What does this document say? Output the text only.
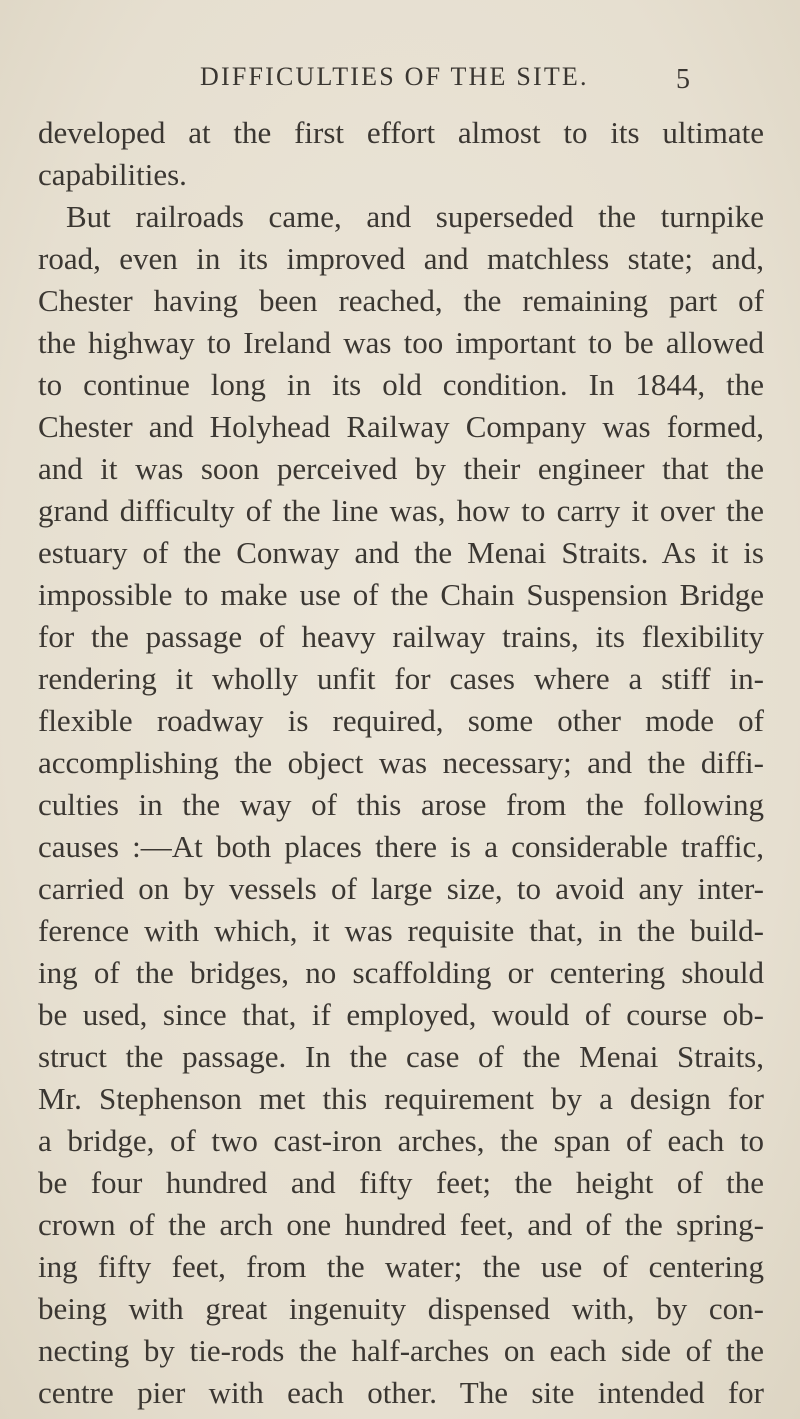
DIFFICULTIES OF THE SITE.	5
developed at the first effort almost to its ultimate
capabilities.
But railroads came, and superseded the turnpike
road, even in its improved and matchless state; and,
Chester having been reached, the remaining part of
the highway to Ireland was too important to be allowed
to continue long in its old condition. In 1844, the
Chester and Holyhead Railway Company was formed,
and it was soon perceived by their engineer that the
grand difficulty of the line was, how to carry it over the
estuary of the Conway and the Menai Straits. As it is
impossible to make use of the Chain Suspension Bridge
for the passage of heavy railway trains, its flexibility
rendering it wholly unfit for cases where a stiff in-
flexible roadway is required, some other mode of
accomplishing the object was necessary; and the diffi-
culties in the way of this arose from the following
causes :—At both places there is a considerable traffic,
carried on by vessels of large size, to avoid any inter-
ference with which, it was requisite that, in the build-
ing of the bridges, no scaffolding or centering should
be used, since that, if employed, would of course ob-
struct the passage. In the case of the Menai Straits,
Mr. Stephenson met this requirement by a design for
a bridge, of two cast-iron arches, the span of each to
be four hundred and fifty feet; the height of the
crown of the arch one hundred feet, and of the spring-
ing fifty feet, from the water; the use of centering
being with great ingenuity dispensed with, by con-
necting by tie-rods the half-arches on each side of the
centre pier with each other. The site intended for
